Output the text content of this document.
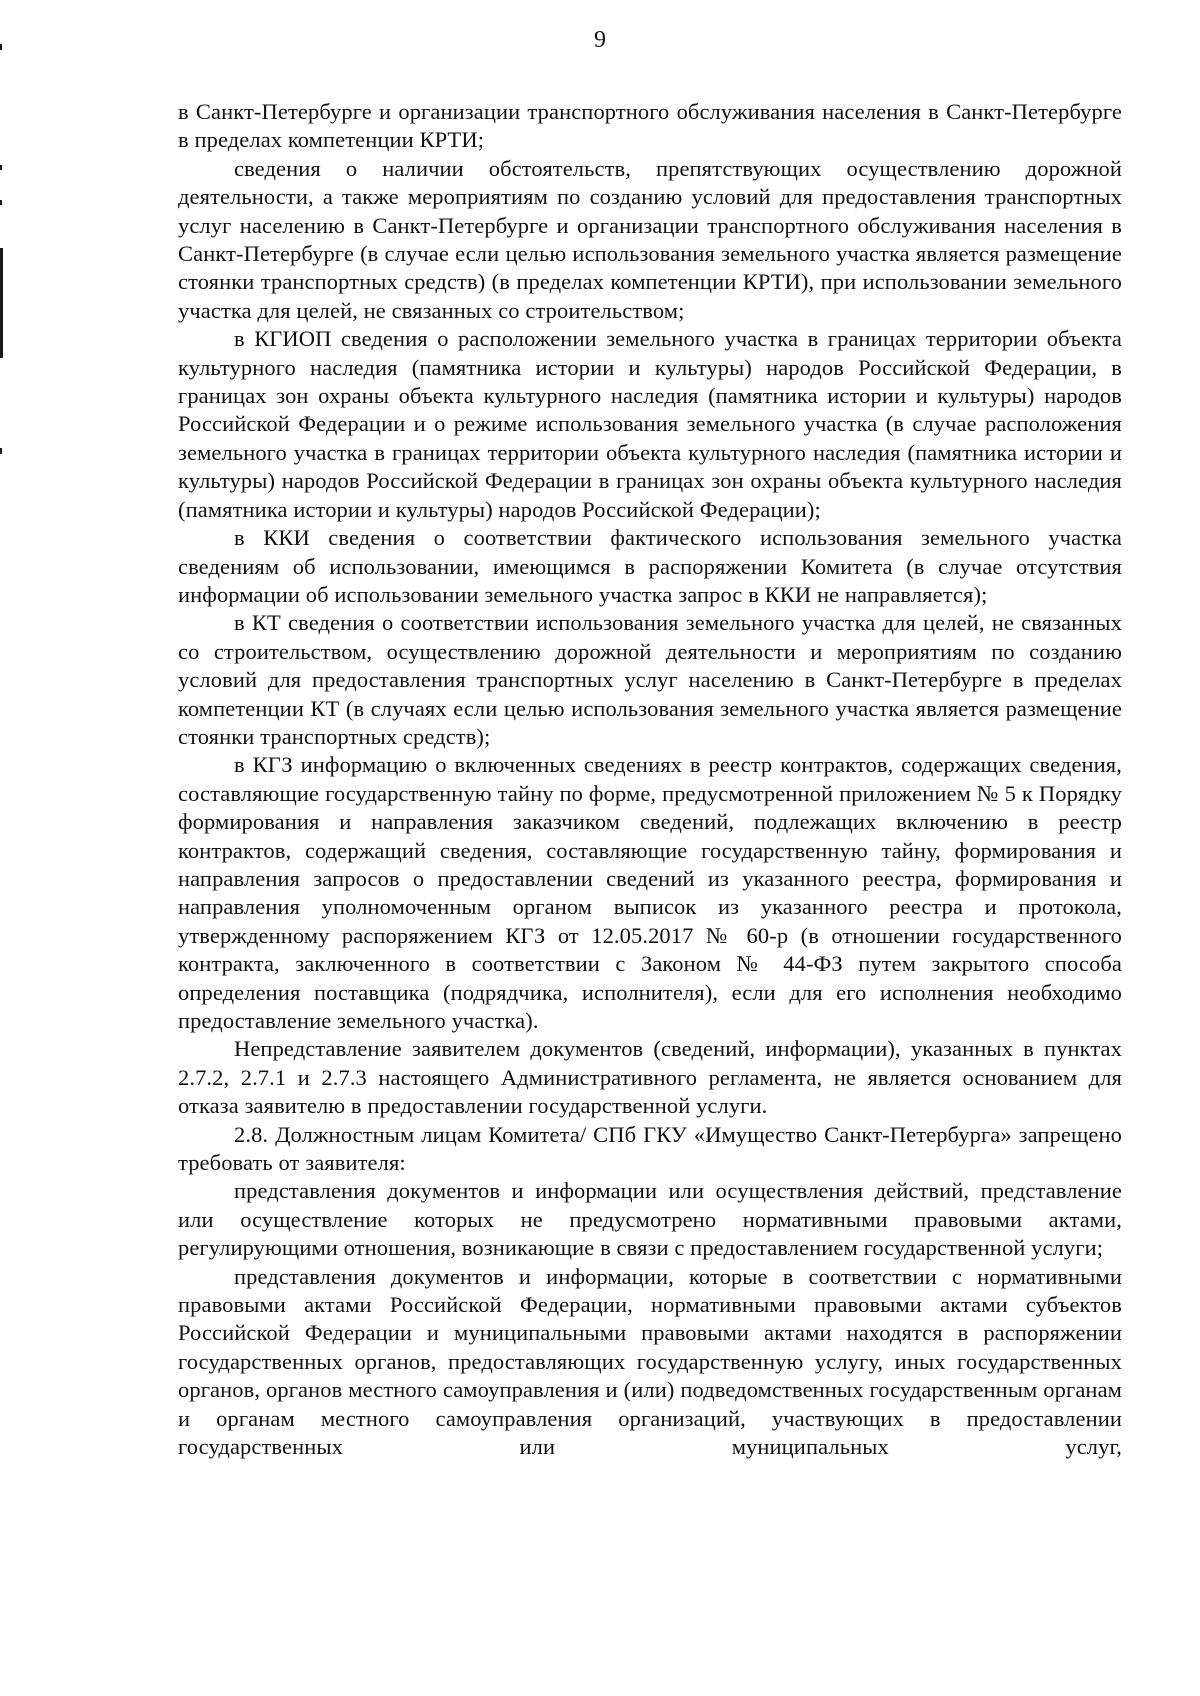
9

в Санкт-Петербурге и организации транспортного обслуживания населения в Санкт-Петербурге в пределах компетенции КРТИ;

сведения о наличии обстоятельств, препятствующих осуществлению дорожной деятельности, а также мероприятиям по созданию условий для предоставления транспортных услуг населению в Санкт-Петербурге и организации транспортного обслуживания населения в Санкт-Петербурге (в случае если целью использования земельного участка является размещение стоянки транспортных средств) (в пределах компетенции КРТИ), при использовании земельного участка для целей, не связанных со строительством;

в КГИОП сведения о расположении земельного участка в границах территории объекта культурного наследия (памятника истории и культуры) народов Российской Федерации, в границах зон охраны объекта культурного наследия (памятника истории и культуры) народов Российской Федерации и о режиме использования земельного участка (в случае расположения земельного участка в границах территории объекта культурного наследия (памятника истории и культуры) народов Российской Федерации в границах зон охраны объекта культурного наследия (памятника истории и культуры) народов Российской Федерации);

в ККИ сведения о соответствии фактического использования земельного участка сведениям об использовании, имеющимся в распоряжении Комитета (в случае отсутствия информации об использовании земельного участка запрос в ККИ не направляется);

в КТ сведения о соответствии использования земельного участка для целей, не связанных со строительством, осуществлению дорожной деятельности и мероприятиям по созданию условий для предоставления транспортных услуг населению в Санкт-Петербурге в пределах компетенции КТ (в случаях если целью использования земельного участка является размещение стоянки транспортных средств);

в КГЗ информацию о включенных сведениях в реестр контрактов, содержащих сведения, составляющие государственную тайну по форме, предусмотренной приложением № 5 к Порядку формирования и направления заказчиком сведений, подлежащих включению в реестр контрактов, содержащий сведения, составляющие государственную тайну, формирования и направления запросов о предоставлении сведений из указанного реестра, формирования и направления уполномоченным органом выписок из указанного реестра и протокола, утвержденному распоряжением КГЗ от 12.05.2017 № 60-р (в отношении государственного контракта, заключенного в соответствии с Законом № 44-ФЗ путем закрытого способа определения поставщика (подрядчика, исполнителя), если для его исполнения необходимо предоставление земельного участка).

Непредставление заявителем документов (сведений, информации), указанных в пунктах 2.7.2, 2.7.1 и 2.7.3 настоящего Административного регламента, не является основанием для отказа заявителю в предоставлении государственной услуги.

2.8. Должностным лицам Комитета/ СПб ГКУ «Имущество Санкт-Петербурга» запрещено требовать от заявителя:

представления документов и информации или осуществления действий, представление или осуществление которых не предусмотрено нормативными правовыми актами, регулирующими отношения, возникающие в связи с предоставлением государственной услуги;

представления документов и информации, которые в соответствии с нормативными правовыми актами Российской Федерации, нормативными правовыми актами субъектов Российской Федерации и муниципальными правовыми актами находятся в распоряжении государственных органов, предоставляющих государственную услугу, иных государственных органов, органов местного самоуправления и (или) подведомственных государственным органам и органам местного самоуправления организаций, участвующих в предоставлении государственных или муниципальных услуг,
